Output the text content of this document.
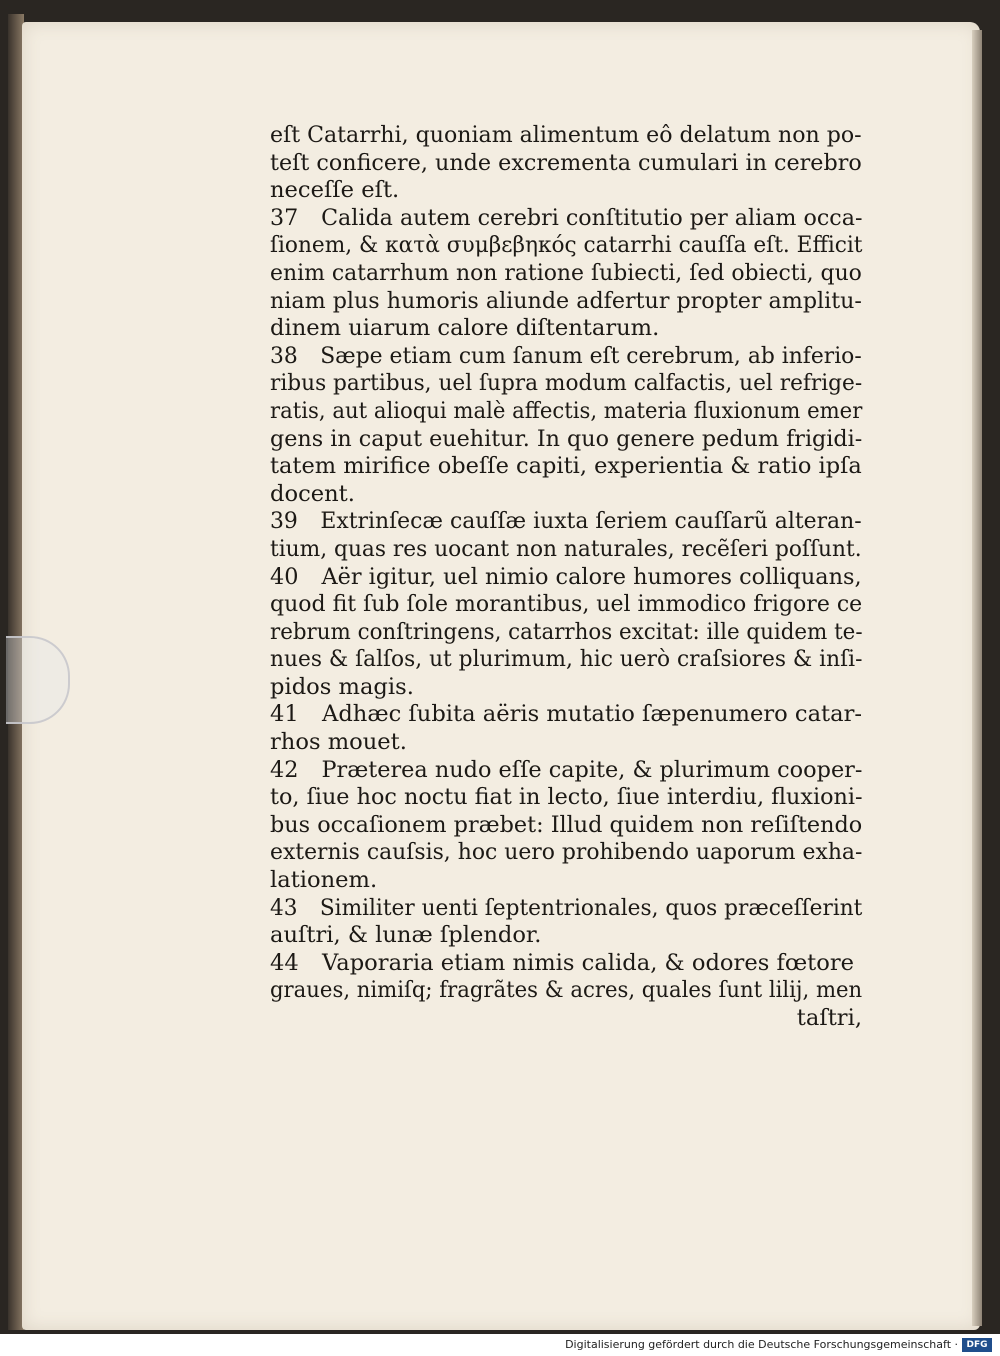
eſt Catarrhi, quoniam alimentum eô delatum non po-
teſt conficere, unde excrementa cumulari in cerebro
neceſſe eſt.
37 Calida autem cerebri conſtitutio per aliam occa-
ſionem, & κατὰ συμβεβηκός catarrhi cauſſa eſt. Efficit
enim catarrhum non ratione ſubiecti, ſed obiecti, quo
niam plus humoris aliunde adfertur propter amplitu-
dinem uiarum calore diſtentarum.
38 Sæpe etiam cum ſanum eſt cerebrum, ab inferio-
ribus partibus, uel ſupra modum calfactis, uel refrige-
ratis, aut alioqui malè affectis, materia fluxionum emer
gens in caput euehitur. In quo genere pedum frigidi-
tatem mirifice obeſſe capiti, experientia & ratio ipſa
docent.
39 Extrinſecæ cauſſæ iuxta ſeriem cauſſarũ alteran-
tium, quas res uocant non naturales, recẽſeri poſſunt.
40 Aër igitur, uel nimio calore humores colliquans,
quod fit ſub ſole morantibus, uel immodico frigore ce
rebrum conſtringens, catarrhos excitat: ille quidem te-
nues & ſalſos, ut plurimum, hic uerò craſsiores & inſi-
pidos magis.
41 Adhæc ſubita aëris mutatio ſæpenumero catar-
rhos mouet.
42 Præterea nudo eſſe capite, & plurimum cooper-
to, ſiue hoc noctu fiat in lecto, ſiue interdiu, fluxioni-
bus occaſionem præbet: Illud quidem non reſiſtendo
externis cauſsis, hoc uero prohibendo uaporum exha-
lationem.
43 Similiter uenti ſeptentrionales, quos præceſſerint
auſtri, & lunæ ſplendor.
44 Vaporaria etiam nimis calida, & odores fœtore
graues, nimiſq; fragrãtes & acres, quales ſunt lilij, men
taſtri,
Digitalisierung gefördert durch die Deutsche Forschungsgemeinschaft · DFG
